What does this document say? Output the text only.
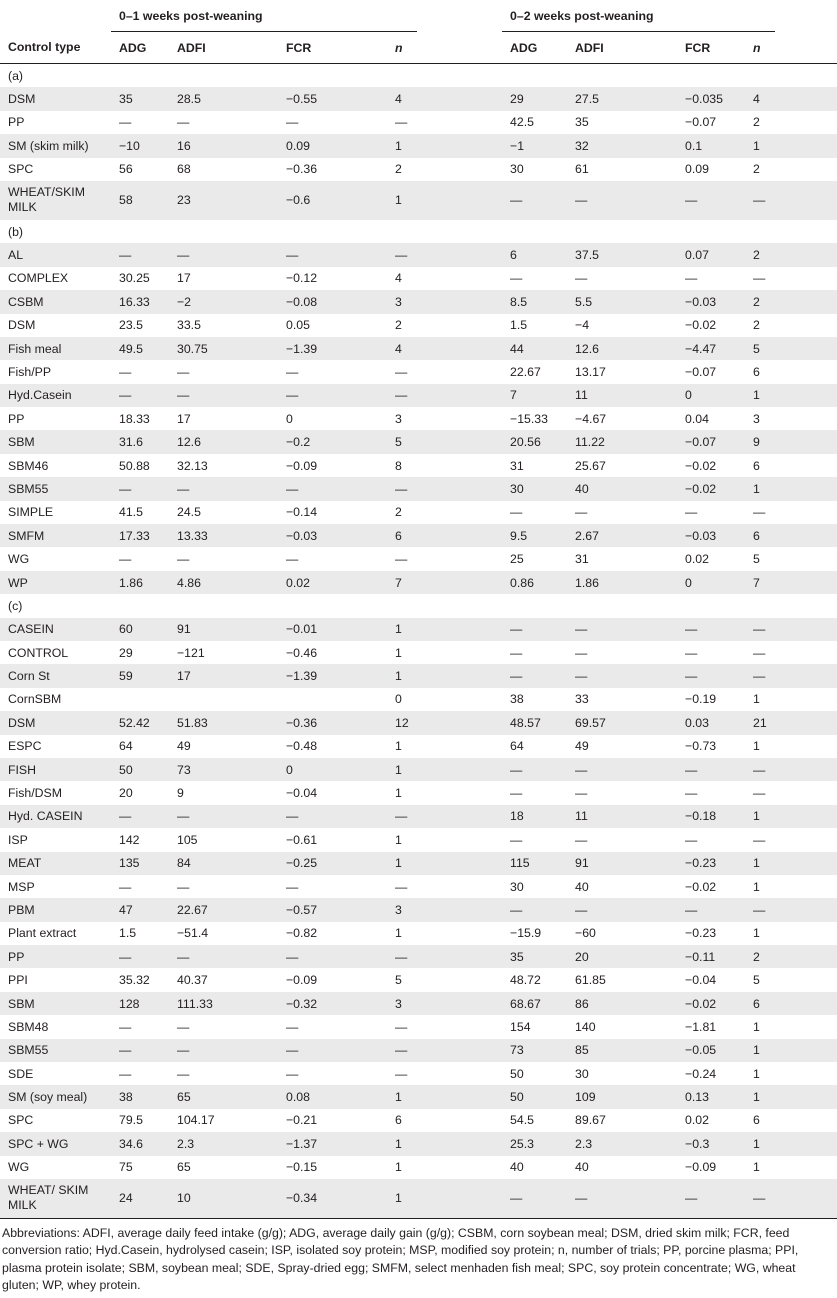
	0–1 weeks post-weaning					0–2 weeks post-weaning				
Control type	ADG	ADFI	FCR	n		ADG	ADFI	FCR	n	
(a)										
DSM	35	28.5	−0.55	4		29	27.5	−0.035	4	
PP	—	—	—	—		42.5	35	−0.07	2	
SM (skim milk)	−10	16	0.09	1		−1	32	0.1	1	
SPC	56	68	−0.36	2		30	61	0.09	2	
WHEAT/SKIM MILK	58	23	−0.6	1		—	—	—	—	
(b)										
AL	—	—	—	—		6	37.5	0.07	2	
COMPLEX	30.25	17	−0.12	4		—	—	—	—	
CSBM	16.33	−2	−0.08	3		8.5	5.5	−0.03	2	
DSM	23.5	33.5	0.05	2		1.5	−4	−0.02	2	
Fish meal	49.5	30.75	−1.39	4		44	12.6	−4.47	5	
Fish/PP	—	—	—	—		22.67	13.17	−0.07	6	
Hyd.Casein	—	—	—	—		7	11	0	1	
PP	18.33	17	0	3		−15.33	−4.67	0.04	3	
SBM	31.6	12.6	−0.2	5		20.56	11.22	−0.07	9	
SBM46	50.88	32.13	−0.09	8		31	25.67	−0.02	6	
SBM55	—	—	—	—		30	40	−0.02	1	
SIMPLE	41.5	24.5	−0.14	2		—	—	—	—	
SMFM	17.33	13.33	−0.03	6		9.5	2.67	−0.03	6	
WG	—	—	—	—		25	31	0.02	5	
WP	1.86	4.86	0.02	7		0.86	1.86	0	7	
(c)										
CASEIN	60	91	−0.01	1		—	—	—	—	
CONTROL	29	−121	−0.46	1		—	—	—	—	
Corn St	59	17	−1.39	1		—	—	—	—	
CornSBM				0		38	33	−0.19	1	
DSM	52.42	51.83	−0.36	12		48.57	69.57	0.03	21	
ESPC	64	49	−0.48	1		64	49	−0.73	1	
FISH	50	73	0	1		—	—	—	—	
Fish/DSM	20	9	−0.04	1		—	—	—	—	
Hyd. CASEIN	—	—	—	—		18	11	−0.18	1	
ISP	142	105	−0.61	1		—	—	—	—	
MEAT	135	84	−0.25	1		115	91	−0.23	1	
MSP	—	—	—	—		30	40	−0.02	1	
PBM	47	22.67	−0.57	3		—	—	—	—	
Plant extract	1.5	−51.4	−0.82	1		−15.9	−60	−0.23	1	
PP	—	—	—	—		35	20	−0.11	2	
PPI	35.32	40.37	−0.09	5		48.72	61.85	−0.04	5	
SBM	128	111.33	−0.32	3		68.67	86	−0.02	6	
SBM48	—	—	—	—		154	140	−1.81	1	
SBM55	—	—	—	—		73	85	−0.05	1	
SDE	—	—	—	—		50	30	−0.24	1	
SM (soy meal)	38	65	0.08	1		50	109	0.13	1	
SPC	79.5	104.17	−0.21	6		54.5	89.67	0.02	6	
SPC + WG	34.6	2.3	−1.37	1		25.3	2.3	−0.3	1	
WG	75	65	−0.15	1		40	40	−0.09	1	
WHEAT/ SKIM MILK	24	10	−0.34	1		—	—	—	—	
Abbreviations: ADFI, average daily feed intake (g/g); ADG, average daily gain (g/g); CSBM, corn soybean meal; DSM, dried skim milk; FCR, feed conversion ratio; Hyd.Casein, hydrolysed casein; ISP, isolated soy protein; MSP, modified soy protein; n, number of trials; PP, porcine plasma; PPI, plasma protein isolate; SBM, soybean meal; SDE, Spray-dried egg; SMFM, select menhaden fish meal; SPC, soy protein concentrate; WG, wheat gluten; WP, whey protein.
